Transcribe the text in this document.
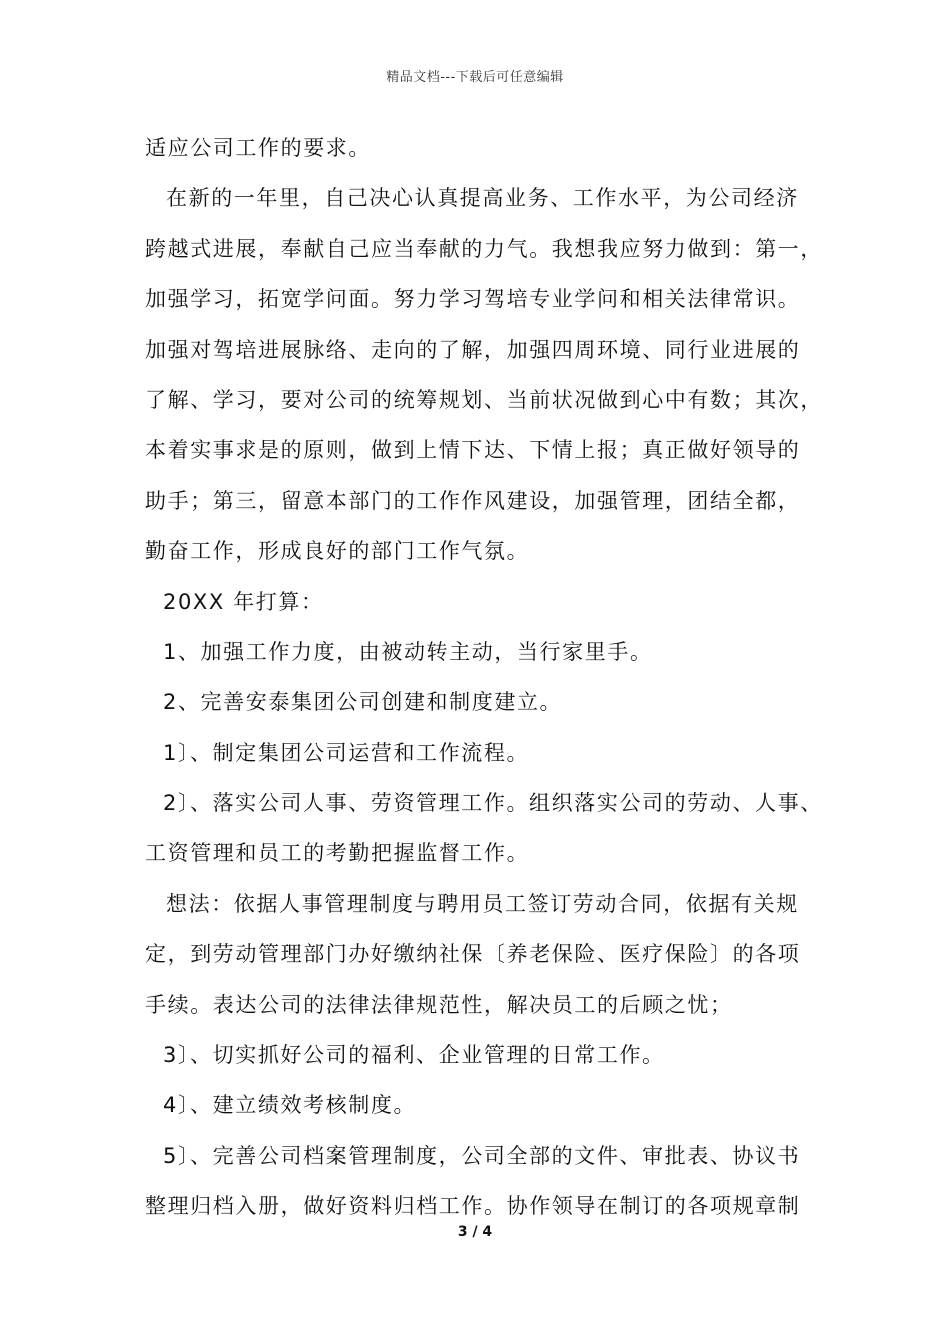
精品文档---下载后可任意编辑
适应公司工作的要求。
在新的一年里，自己决心认真提高业务、工作水平，为公司经济
跨越式进展，奉献自己应当奉献的力气。我想我应努力做到：第一，
加强学习，拓宽学问面。努力学习驾培专业学问和相关法律常识。
加强对驾培进展脉络、走向的了解，加强四周环境、同行业进展的
了解、学习，要对公司的统筹规划、当前状况做到心中有数；其次，
本着实事求是的原则，做到上情下达、下情上报；真正做好领导的
助手；第三，留意本部门的工作作风建设，加强管理，团结全都，
勤奋工作，形成良好的部门工作气氛。
20XX 年打算：
1、加强工作力度，由被动转主动，当行家里手。
2、完善安泰集团公司创建和制度建立。
1〕、制定集团公司运营和工作流程。
2〕、落实公司人事、劳资管理工作。组织落实公司的劳动、人事、
工资管理和员工的考勤把握监督工作。
想法：依据人事管理制度与聘用员工签订劳动合同，依据有关规
定，到劳动管理部门办好缴纳社保〔养老保险、医疗保险〕的各项
手续。表达公司的法律法律规范性，解决员工的后顾之忧；
3〕、切实抓好公司的福利、企业管理的日常工作。
4〕、建立绩效考核制度。
5〕、完善公司档案管理制度，公司全部的文件、审批表、协议书
整理归档入册，做好资料归档工作。协作领导在制订的各项规章制
3 / 4
